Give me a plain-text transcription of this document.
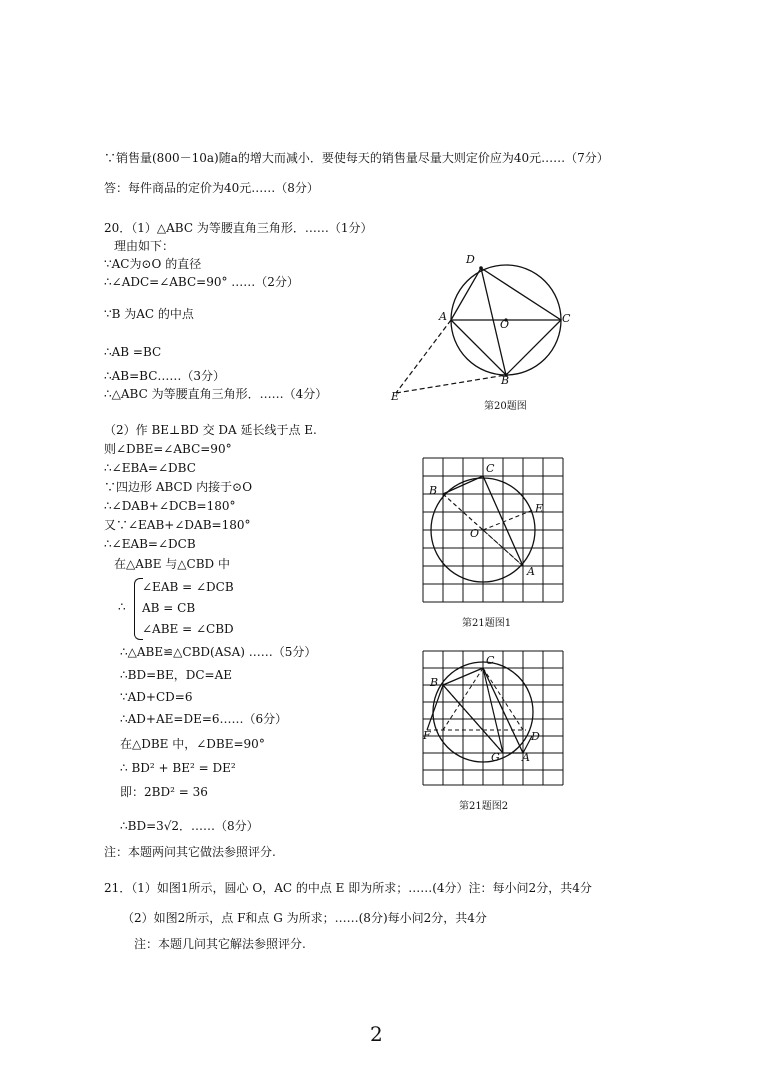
∵销售量(800－10a)随a的增大而减小．要使每天的销售量尽量大则定价应为40元……（7分）
答：每件商品的定价为40元……（8分）
20．（1）△ABC 为等腰直角三角形．……（1分）
理由如下：
∵AC为⊙O 的直径
∴∠ADC=∠ABC=90° ……（2分）
∵B 为AC 的中点
∴AB =BC
∴AB=BC……（3分）
∴△ABC 为等腰直角三角形．……（4分）
（2）作 BE⊥BD 交 DA 延长线于点 E.
则∠DBE=∠ABC=90°
∴∠EBA=∠DBC
∵四边形 ABCD 内接于⊙O
∴∠DAB+∠DCB=180°
又∵∠EAB+∠DAB=180°
∴∠EAB=∠DCB
在△ABE 与△CBD 中
∴
∠EAB = ∠DCB
AB = CB
∠ABE = ∠CBD
∴△ABE≌△CBD(ASA) ……（5分）
∴BD=BE，DC=AE
∵AD+CD=6
∴AD+AE=DE=6……（6分）
在△DBE 中，∠DBE=90°
∴ BD² + BE² = DE²
即：2BD² = 36
∴BD=3√2．……（8分）
注：本题两问其它做法参照评分.
21．（1）如图1所示，圆心 O，AC 的中点 E 即为所求；……(4分）注：每小问2分，共4分
（2）如图2所示，点 F和点 G 为所求；……(8分)每小问2分，共4分
注：本题几问其它解法参照评分.
D
A
O	C
B
E
第20题图
C
B
E
O
A
第21题图1
C
B
F	D
G A
第21题图2
2
